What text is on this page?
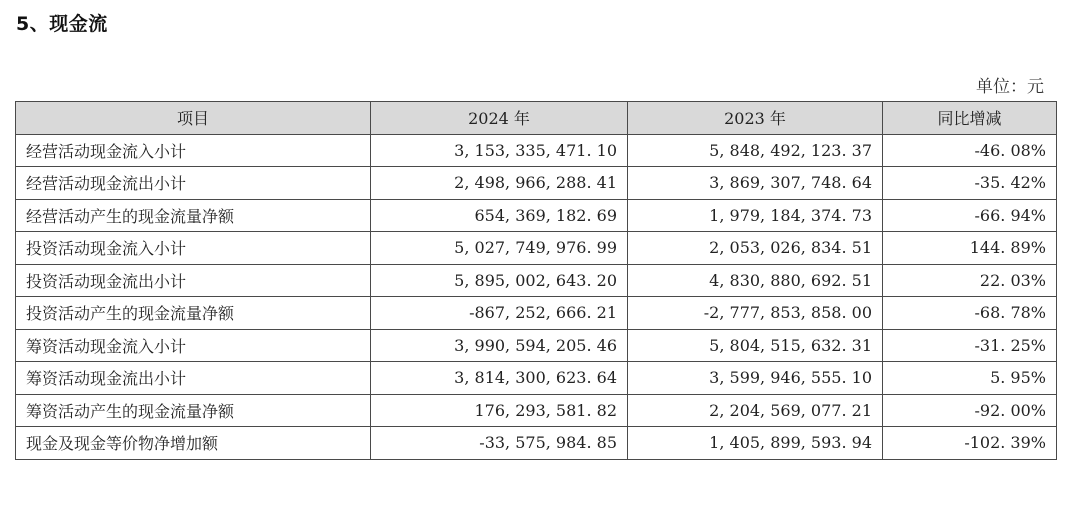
5、现金流
单位：元
项目	2024 年	2023 年	同比增减
经营活动现金流入小计	3, 153, 335, 471. 10	5, 848, 492, 123. 37	-46. 08%
经营活动现金流出小计	2, 498, 966, 288. 41	3, 869, 307, 748. 64	-35. 42%
经营活动产生的现金流量净额	654, 369, 182. 69	1, 979, 184, 374. 73	-66. 94%
投资活动现金流入小计	5, 027, 749, 976. 99	2, 053, 026, 834. 51	144. 89%
投资活动现金流出小计	5, 895, 002, 643. 20	4, 830, 880, 692. 51	22. 03%
投资活动产生的现金流量净额	-867, 252, 666. 21	-2, 777, 853, 858. 00	-68. 78%
筹资活动现金流入小计	3, 990, 594, 205. 46	5, 804, 515, 632. 31	-31. 25%
筹资活动现金流出小计	3, 814, 300, 623. 64	3, 599, 946, 555. 10	5. 95%
筹资活动产生的现金流量净额	176, 293, 581. 82	2, 204, 569, 077. 21	-92. 00%
现金及现金等价物净增加额	-33, 575, 984. 85	1, 405, 899, 593. 94	-102. 39%
